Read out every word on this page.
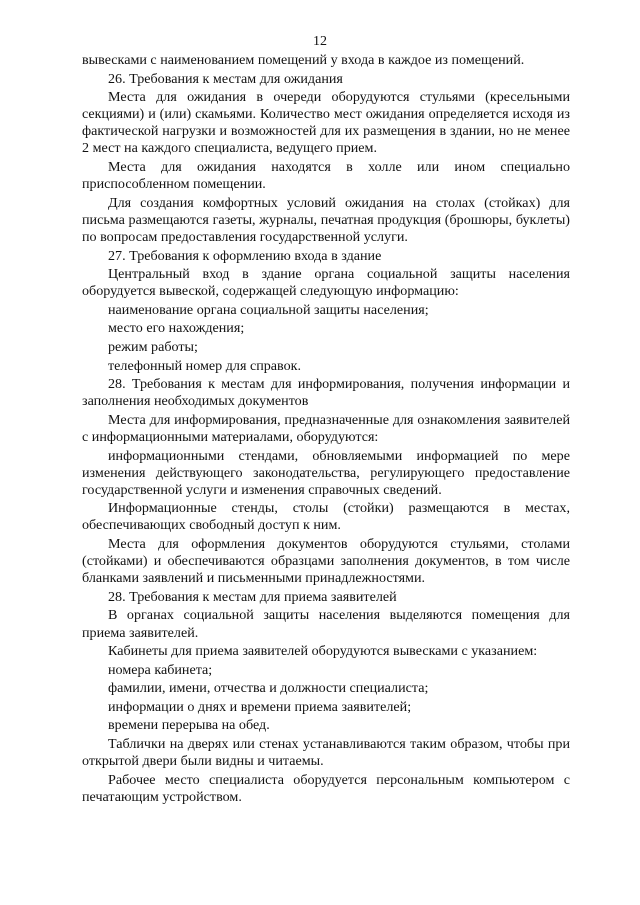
12

вывесками с наименованием помещений у входа в каждое из помещений.

26. Требования к местам для ожидания

Места для ожидания в очереди оборудуются стульями (кресельными секциями) и (или) скамьями. Количество мест ожидания определяется исходя из фактической нагрузки и возможностей для их размещения в здании, но не менее 2 мест на каждого специалиста, ведущего прием.

Места для ожидания находятся в холле или ином специально приспособленном помещении.

Для создания комфортных условий ожидания на столах (стойках) для письма размещаются газеты, журналы, печатная продукция (брошюры, буклеты) по вопросам предоставления государственной услуги.

27. Требования к оформлению входа в здание

Центральный вход в здание органа социальной защиты населения оборудуется вывеской, содержащей следующую информацию:

наименование органа социальной защиты населения;

место его нахождения;

режим работы;

телефонный номер для справок.

28. Требования к местам для информирования, получения информации и заполнения необходимых документов

Места для информирования, предназначенные для ознакомления заявителей с информационными материалами, оборудуются:

информационными стендами, обновляемыми информацией по мере изменения действующего законодательства, регулирующего предоставление государственной услуги и изменения справочных сведений.

Информационные стенды, столы (стойки) размещаются в местах, обеспечивающих свободный доступ к ним.

Места для оформления документов оборудуются стульями, столами (стойками) и обеспечиваются образцами заполнения документов, в том числе бланками заявлений и письменными принадлежностями.

28. Требования к местам для приема заявителей

В органах социальной защиты населения выделяются помещения для приема заявителей.

Кабинеты для приема заявителей оборудуются вывесками с указанием:

номера кабинета;

фамилии, имени, отчества и должности специалиста;

информации о днях и времени приема заявителей;

времени перерыва на обед.

Таблички на дверях или стенах устанавливаются таким образом, чтобы при открытой двери были видны и читаемы.

Рабочее место специалиста оборудуется персональным компьютером с печатающим устройством.
